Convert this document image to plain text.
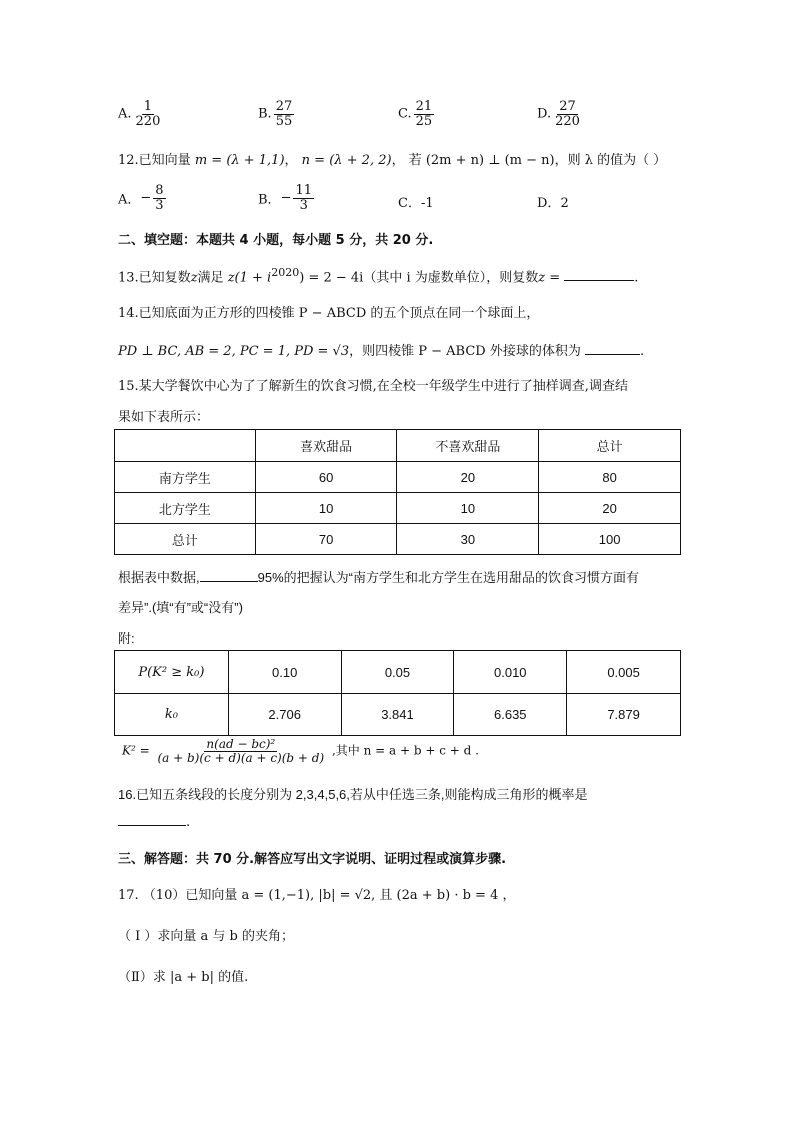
A. $\frac{1}{220}$	B. $\frac{27}{55}$	C. $\frac{21}{25}$	D. $\frac{27}{220}$
12.已知向量 m = (λ + 1,1)， n = (λ + 2, 2)， 若 (2m + n) ⊥ (m − n)，则 λ 的值为（ ）
A．− $\frac{8}{3}$	B．− $\frac{11}{3}$	C．-1	D．2
二、填空题：本题共 4 小题，每小题 5 分，共 20 分.
13.已知复数z满足 $z(1 + i^{2020}) = 2 - 4i$（其中 i 为虚数单位），则复数z =	.
14.已知底面为正方形的四棱锥 P − ABCD 的五个顶点在同一个球面上，
PD ⊥ BC, AB = 2, PC = 1, PD = √3，则四棱锥 P − ABCD 外接球的体积为	.
15.某大学餐饮中心为了了解新生的饮食习惯,在全校一年级学生中进行了抽样调查,调查结
果如下表所示：
	喜欢甜品	不喜欢甜品	总计
南方学生	60	20	80
北方学生	10	10	20
总计	70	30	100
根据表中数据,	95%的把握认为“南方学生和北方学生在选用甜品的饮食习惯方面有
差异”.(填“有”或“没有”)
附:
P(K² ≥ k₀)	0.10	0.05	0.010	0.005
k₀	2.706	3.841	6.635	7.879
$K^2 = \frac{\text{n(ad − bc)²}}{(a + b)(c + d)(a + c)(b + d)}$ ,其中 n = a + b + c + d .
16.已知五条线段的长度分别为 2,3,4,5,6,若从中任选三条,则能构成三角形的概率是
.
三、解答题：共 70 分.解答应写出文字说明、证明过程或演算步骤.
17. （10）已知向量 a = (1,−1), |b| = √2, 且 (2a + b) · b = 4 ，
（ I ）求向量 a 与 b 的夹角；
（Ⅱ）求 |a + b| 的值.
